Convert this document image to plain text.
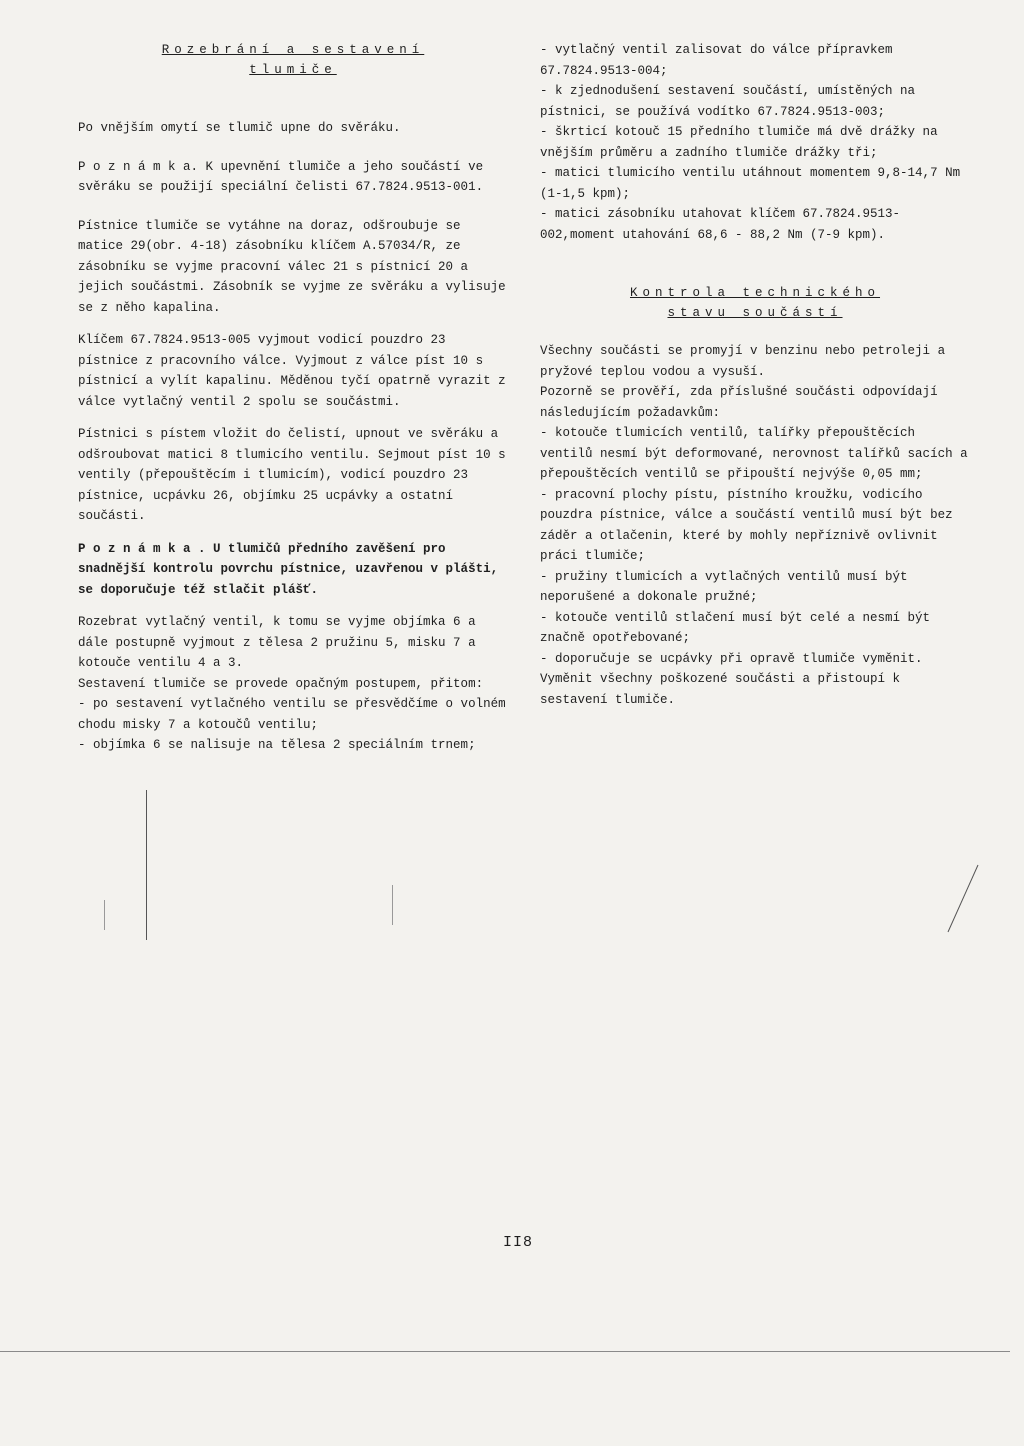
Rozebrání a sestavení

tlumiče

Po vnějším omytí se tlumič upne do svěráku.

P o z n á m k a. K upevnění tlumiče a jeho součástí ve svěráku se použijí speciální čelisti 67.7824.9513-001.

Pístnice tlumiče se vytáhne na doraz, odšroubuje se matice 29(obr. 4-18) zásobníku klíčem A.57034/R, ze zásobníku se vyjme pracovní válec 21 s pístnicí 20 a jejich součástmi. Zásobník se vyjme ze svěráku a vylisuje se z něho kapalina.

Klíčem 67.7824.9513-005 vyjmout vodicí pouzdro 23 pístnice z pracovního válce. Vyjmout z válce píst 10 s pístnicí a vylít kapalinu. Měděnou tyčí opatrně vyrazit z válce vytlačný ventil 2 spolu se součástmi.

Pístnici s pístem vložit do čelistí, upnout ve svěráku a odšroubovat matici 8 tlumicího ventilu. Sejmout píst 10 s ventily (přepouštěcím i tlumicím), vodicí pouzdro 23 pístnice, ucpávku 26, objímku 25 ucpávky a ostatní součásti.

P o z n á m k a . U tlumičů předního zavěšení pro snadnější kontrolu povrchu pístnice, uzavřenou v plášti, se doporučuje též stlačit plášť.

Rozebrat vytlačný ventil, k tomu se vyjme objímka 6 a dále postupně vyjmout z tělesa 2 pružinu 5, misku 7 a kotouče ventilu 4 a 3.

Sestavení tlumiče se provede opačným postupem, přitom:

- po sestavení vytlačného ventilu se přesvědčíme o volném chodu misky 7 a kotoučů ventilu;

- objímka 6 se nalisuje na tělesa 2 speciálním trnem;

- vytlačný ventil zalisovat do válce přípravkem 67.7824.9513-004;

- k zjednodušení sestavení součástí, umístěných na pístnici, se používá vodítko 67.7824.9513-003;

- škrticí kotouč 15 předního tlumiče má dvě drážky na vnějším průměru a zadního tlumiče drážky tři;

- matici tlumicího ventilu utáhnout momentem 9,8-14,7 Nm (1-1,5 kpm);

- matici zásobníku utahovat klíčem 67.7824.9513-002,moment utahování 68,6 - 88,2 Nm (7-9 kpm).

Kontrola technického

stavu součástí

Všechny součásti se promyjí v benzinu nebo petroleji a pryžové teplou vodou a vysuší.

Pozorně se prověří, zda příslušné součásti odpovídají následujícím požadavkům:

- kotouče tlumicích ventilů, talířky přepouštěcích ventilů nesmí být deformované, nerovnost talířků sacích a přepouštěcích ventilů se připouští nejvýše 0,05 mm;

- pracovní plochy pístu, pístního kroužku, vodicího pouzdra pístnice, válce a součástí ventilů musí být bez záděr a otlačenin, které by mohly nepříznivě ovlivnit práci tlumiče;

- pružiny tlumicích a vytlačných ventilů musí být neporušené a dokonale pružné;

- kotouče ventilů stlačení musí být celé a nesmí být značně opotřebované;

- doporučuje se ucpávky při opravě tlumiče vyměnit.

Vyměnit všechny poškozené součásti a přistoupí k sestavení tlumiče.

II8
